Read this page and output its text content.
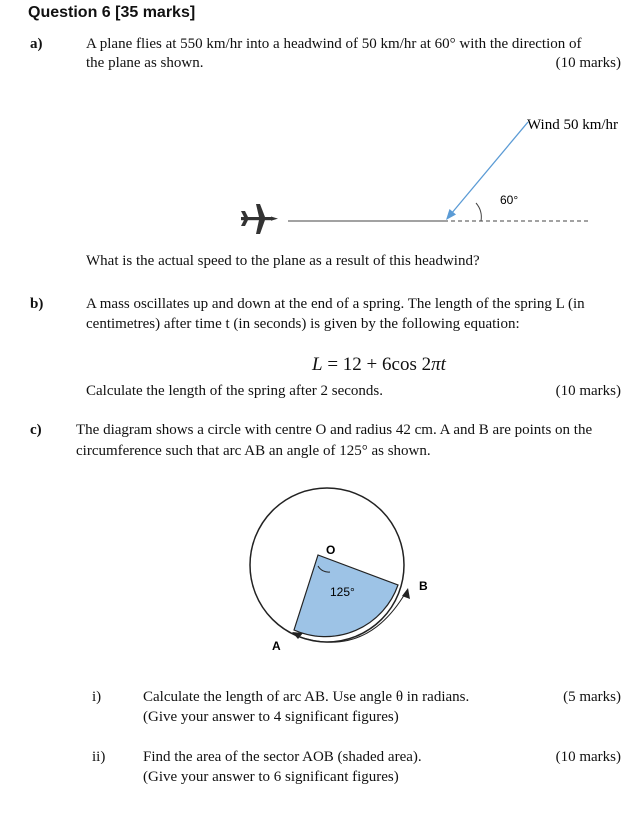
Question 6 [35 marks]
a)	A plane flies at 550 km/hr into a headwind of 50 km/hr at 60° with the direction of
the plane as shown.	(10 marks)
60°
Wind 50 km/hr
What is the actual speed to the plane as a result of this headwind?
b)	A mass oscillates up and down at the end of a spring. The length of the spring L (in
centimetres) after time t (in seconds) is given by the following equation:
L = 12 + 6cos 2πt
Calculate the length of the spring after 2 seconds.	(10 marks)
c) The diagram shows a circle with centre O and radius 42 cm. A and B are points on the
circumference such that arc AB an angle of 125° as shown.
O
125°	B
A
i)	Calculate the length of arc AB. Use angle θ in radians.
(Give your answer to 4 significant figures)
(5 marks)
ii)	Find the area of the sector AOB (shaded area).
(Give your answer to 6 significant figures)
(10 marks)
